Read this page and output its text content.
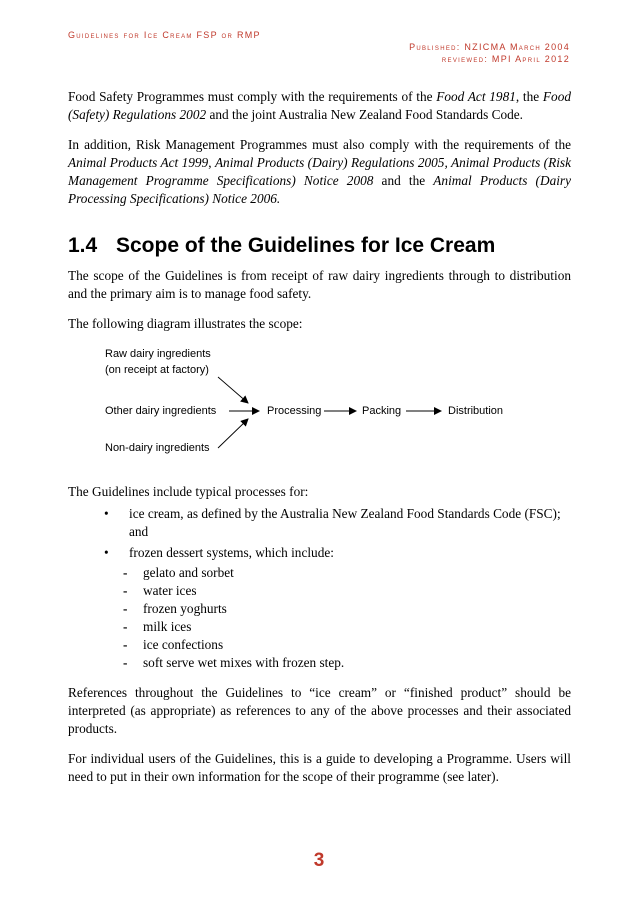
Guidelines for Ice Cream FSP or RMP
Published: NZICMA March 2004
reviewed: MPI April 2012

Food Safety Programmes must comply with the requirements of the Food Act 1981, the Food (Safety) Regulations 2002 and the joint Australia New Zealand Food Standards Code.

In addition, Risk Management Programmes must also comply with the requirements of the Animal Products Act 1999, Animal Products (Dairy) Regulations 2005, Animal Products (Risk Management Programme Specifications) Notice 2008 and the Animal Products (Dairy Processing Specifications) Notice 2006.

1.4 Scope of the Guidelines for Ice Cream

The scope of the Guidelines is from receipt of raw dairy ingredients through to distribution and the primary aim is to manage food safety.

The following diagram illustrates the scope:

Raw dairy ingredients
(on receipt at factory)
Other dairy ingredients
Non-dairy ingredients
Processing	Packing	Distribution

The Guidelines include typical processes for:

• ice cream, as defined by the Australia New Zealand Food Standards Code (FSC); and
• frozen dessert systems, which include:
- gelato and sorbet
- water ices
- frozen yoghurts
- milk ices
- ice confections
- soft serve wet mixes with frozen step.

References throughout the Guidelines to “ice cream” or “finished product” should be interpreted (as appropriate) as references to any of the above processes and their associated products.

For individual users of the Guidelines, this is a guide to developing a Programme. Users will need to put in their own information for the scope of their programme (see later).

3
